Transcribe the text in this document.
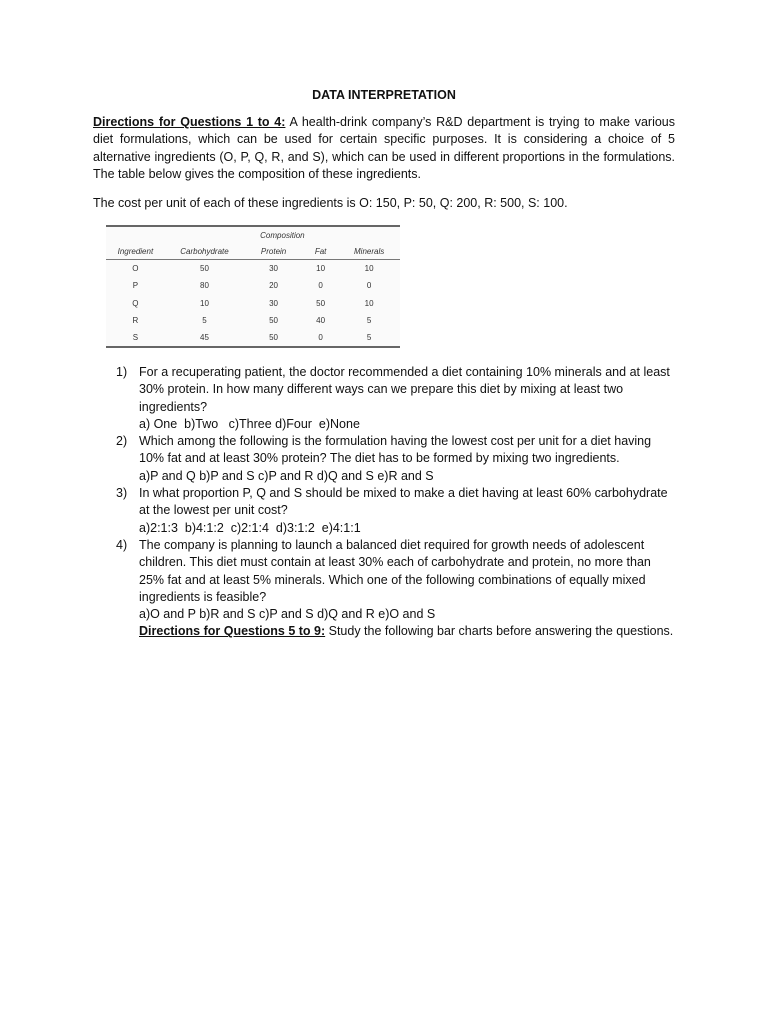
DATA INTERPRETATION
Directions for Questions 1 to 4: A health-drink company’s R&D department is trying to make various diet formulations, which can be used for certain specific purposes. It is considering a choice of 5 alternative ingredients (O, P, Q, R, and S), which can be used in different proportions in the formulations. The table below gives the composition of these ingredients.
The cost per unit of each of these ingredients is O: 150, P: 50, Q: 200, R: 500, S: 100.
	Composition			
Ingredient	Carbohydrate	Protein	Fat	Minerals
O	50	30	10	10
P	80	20	0	0
Q	10	30	50	10
R	5	50	40	5
S	45	50	0	5
1) For a recuperating patient, the doctor recommended a diet containing 10% minerals and at least 30% protein. In how many different ways can we prepare this diet by mixing at least two ingredients?
a) One  b)Two   c)Three d)Four  e)None
2) Which among the following is the formulation having the lowest cost per unit for a diet having 10% fat and at least 30% protein? The diet has to be formed by mixing two ingredients.
a)P and Q b)P and S c)P and R d)Q and S e)R and S
3) In what proportion P, Q and S should be mixed to make a diet having at least 60% carbohydrate at the lowest per unit cost?
a)2:1:3  b)4:1:2  c)2:1:4  d)3:1:2  e)4:1:1
4) The company is planning to launch a balanced diet required for growth needs of adolescent children. This diet must contain at least 30% each of carbohydrate and protein, no more than 25% fat and at least 5% minerals. Which one of the following combinations of equally mixed ingredients is feasible?
a)O and P b)R and S c)P and S d)Q and R e)O and S
Directions for Questions 5 to 9: Study the following bar charts before answering the questions.
